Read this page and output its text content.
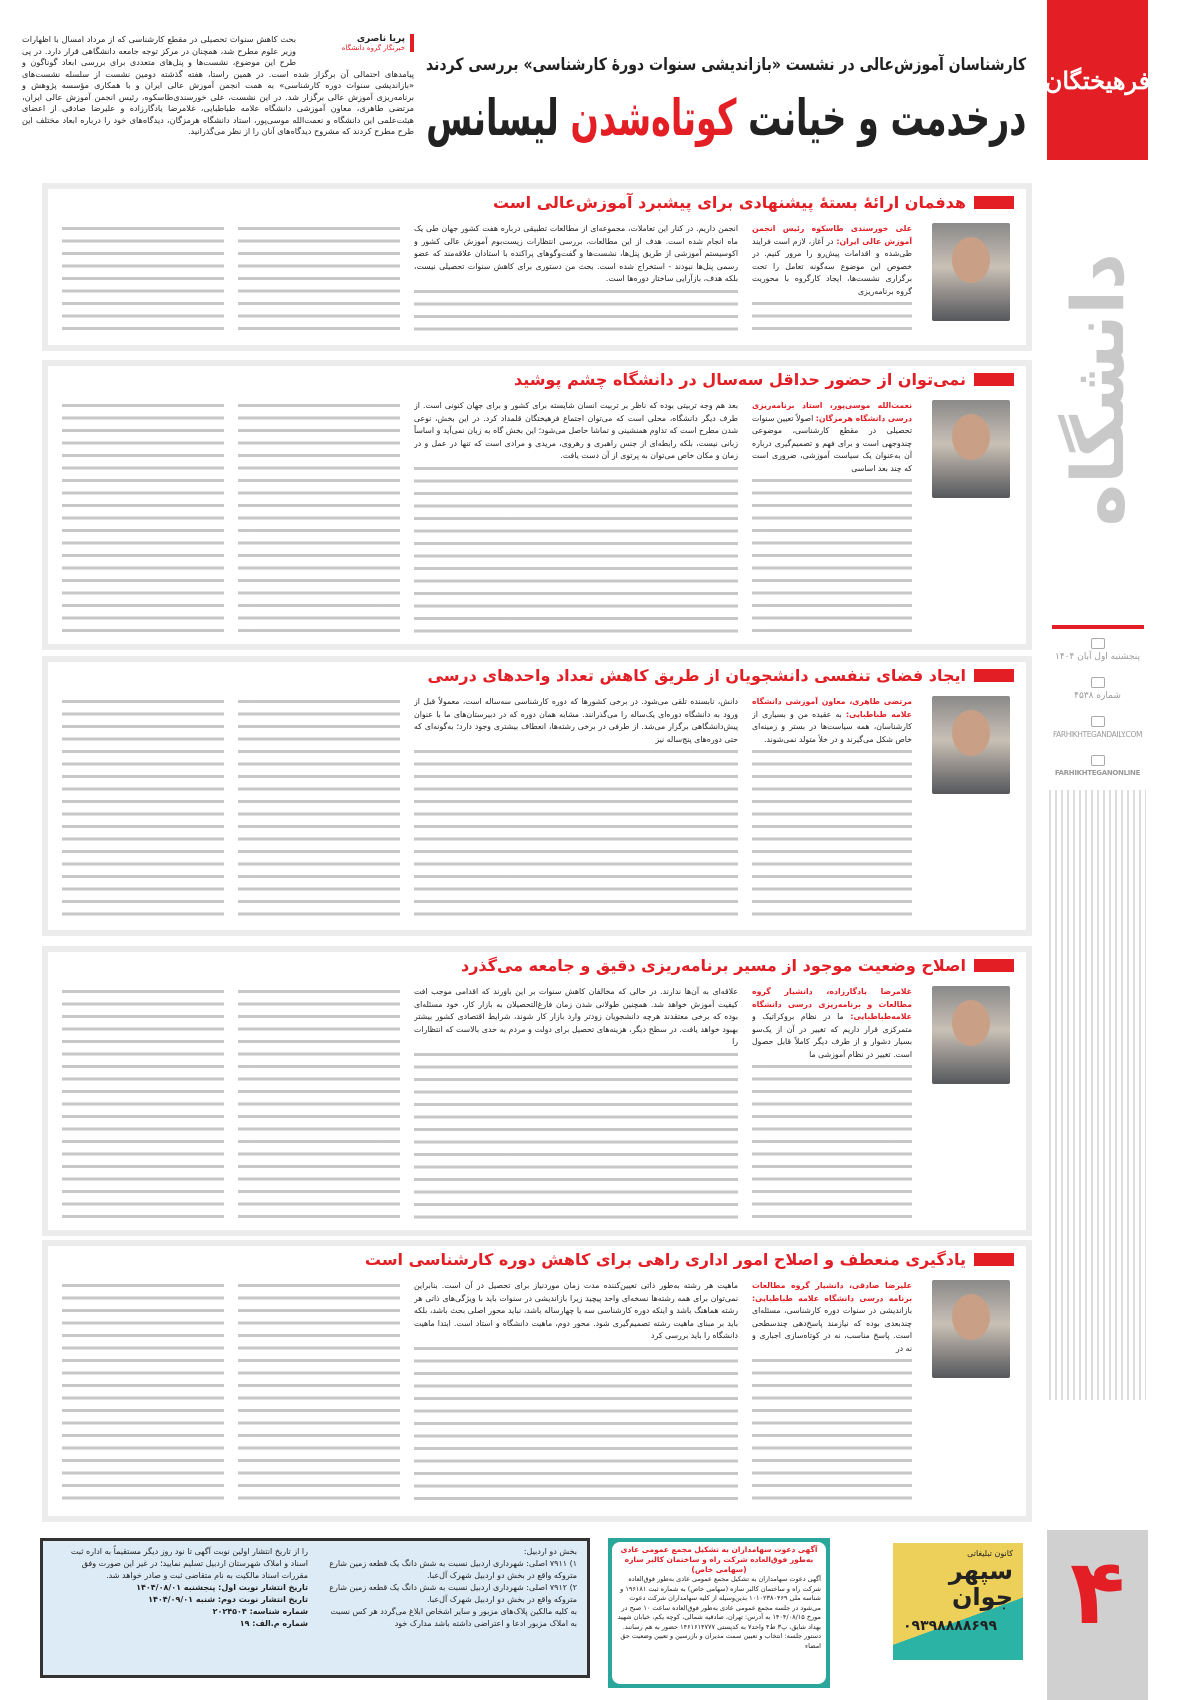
پریا ناصری
خبرنگار گروه دانشگاه

بحث کاهش سنوات تحصیلی در مقطع کارشناسی که از مرداد امسال با اظهارات وزیر علوم مطرح شد، همچنان در مرکز توجه جامعه دانشگاهی قرار دارد. در پی طرح این موضوع، نشست‌ها و پنل‌های متعددی برای بررسی ابعاد گوناگون و پیامدهای احتمالی آن برگزار شده است. در همین راستا، هفته گذشته دومین نشست از سلسله نشست‌های «بازاندیشی سنوات دوره کارشناسی» به همت انجمن آموزش عالی ایران و با همکاری مؤسسه پژوهش و برنامه‌ریزی آموزش عالی برگزار شد. در این نشست، علی خورسندی‌طاسکوه، رئیس انجمن آموزش عالی ایران، مرتضی طاهری، معاون آموزشی دانشگاه علامه طباطبایی، غلامرضا یادگارزاده و علیرضا صادقی از اعضای هیئت‌علمی این دانشگاه و نعمت‌الله موسی‌پور، استاد دانشگاه هرمزگان، دیدگاه‌های خود را درباره ابعاد مختلف این طرح مطرح کردند که مشروح دیدگاه‌های آنان را از نظر می‌گذرانید.

کارشناسان آموزش‌عالی در نشست «بازاندیشی سنوات دورۀ کارشناسی» بررسی کردند
درخدمت و خیانت کوتاه‌شدن لیسانس
فرهیختگان
دانشگاه
پنجشنبه اول آبان ۱۴۰۴
شماره ۴۵۳۸
FARHIKHTEGANDAILY.COM
FARHIKHTEGANONLINE
۴
هدفمان ارائۀ بستۀ پیشنهادی برای پیشبرد آموزش‌عالی است
علی خورسندی طاسکوه رئیس انجمن آموزش عالی ایران: در آغاز، لازم است فرایند طی‌شده و اقدامات پیش‌رو را مرور کنیم. در خصوص این موضوع سه‌گونه تعامل را تحت برگزاری نشست‌ها، ایجاد کارگروه با محوریت گروه برنامه‌ریزی
انجمن داریم. در کنار این تعاملات، مجموعه‌ای از مطالعات تطبیقی درباره هفت کشور جهان طی یک ماه انجام شده است. هدف از این مطالعات، بررسی انتظارات زیست‌بوم آموزش عالی کشور و اکوسیستم آموزشی از طریق پنل‌ها، نشست‌ها و گفت‌وگوهای پراکنده با استادان علاقه‌مند که عضو رسمی پنل‌ها نبودند - استخراج شده است. بحث من دستوری برای کاهش سنوات تحصیلی نیست، بلکه هدف، بازآرایی ساختار دوره‌ها است.
نمی‌توان از حضور حداقل سه‌سال در دانشگاه چشم پوشید
نعمت‌الله موسی‌پور، استاد برنامه‌ریزی درسی دانشگاه هرمزگان: اصولاً تعیین سنوات تحصیلی در مقطع کارشناسی، موضوعی چندوجهی است و برای فهم و تصمیم‌گیری درباره آن به‌عنوان یک سیاست آموزشی، ضروری است که چند بعد اساسی
بعد هم وجه تربیتی بوده که ناظر بر تربیت انسان شایسته برای کشور و برای جهان کنونی است. از طرف دیگر دانشگاه، محلی است که می‌توان اجتماع فرهیختگان قلمداد کرد. در این بخش، نوعی شدن مطرح است که تداوم همنشینی و تماشا حاصل می‌شود؛ این بخش گاه به زبان نمی‌آید و اساساً زبانی نیست، بلکه رابطه‌ای از جنس راهبری و رهروی، مریدی و مرادی است که تنها در عمل و در زمان و مکان خاص می‌توان به پرتوی از آن دست یافت.
ایجاد فضای تنفسی دانشجویان از طریق کاهش تعداد واحدهای درسی
مرتضی طاهری، معاون آموزشی دانشگاه علامه طباطبایی: به عقیده من و بسیاری از کارشناسان، همه سیاست‌ها در بستر و زمینه‌ای خاص شکل می‌گیرند و در خلأ متولد نمی‌شوند.
دانش، نابسنده تلقی می‌شود. در برخی کشورها که دوره کارشناسی سه‌ساله است، معمولاً قبل از ورود به دانشگاه دوره‌ای یک‌ساله را می‌گذرانند. مشابه همان دوره که در دبیرستان‌های ما با عنوان پیش‌دانشگاهی برگزار می‌شد. از طرفی در برخی رشته‌ها، انعطاف بیشتری وجود دارد؛ به‌گونه‌ای که حتی دوره‌های پنج‌ساله نیز
اصلاح وضعیت موجود از مسیر برنامه‌ریزی دقیق و جامعه می‌گذرد
غلامرضا یادگارزاده، دانشیار گروه مطالعات و برنامه‌ریزی درسی دانشگاه علامه‌طباطبایی: ما در نظام بروکراتیک و متمرکزی قرار داریم که تغییر در آن از یک‌سو بسیار دشوار و از طرف دیگر کاملاً قابل حصول است. تغییر در نظام آموزشی ما
علاقه‌ای به آن‌ها ندارند. در حالی که مخالفان کاهش سنوات بر این باورند که اقدامی موجب افت کیفیت آموزش خواهد شد. همچنین طولانی شدن زمان فارغ‌التحصیلان به بازار کار، خود مسئله‌ای بوده که برخی معتقدند هرچه دانشجویان زودتر وارد بازار کار شوند، شرایط اقتصادی کشور بیشتر بهبود خواهد یافت. در سطح دیگر، هزینه‌های تحصیل برای دولت و مردم به حدی بالاست که انتظارات را
یادگیری منعطف و اصلاح امور اداری راهی برای کاهش دوره کارشناسی است
علیرضا صادقی، دانشیار گروه مطالعات برنامه درسی دانشگاه علامه طباطبایی: بازاندیشی در سنوات دوره کارشناسی، مسئله‌ای چندبعدی بوده که نیازمند پاسخ‌دهی چندسطحی است. پاسخ مناسب، نه در کوتاه‌سازی اجباری و نه در
ماهیت هر رشته به‌طور ذاتی تعیین‌کننده مدت زمان موردنیاز برای تحصیل در آن است. بنابراین نمی‌توان برای همه رشته‌ها نسخه‌ای واحد پیچید زیرا بازاندیشی در سنوات باید با ویژگی‌های ذاتی هر رشته هماهنگ باشد و اینکه دوره کارشناسی سه یا چهارساله باشد، نباید محور اصلی بحث باشد، بلکه باید بر مبنای ماهیت رشته تصمیم‌گیری شود. محور دوم، ماهیت دانشگاه و استاد است. ابتدا ماهیت دانشگاه را باید بررسی کرد
بخش دو اردبیل:
۱) ۷۹۱۱ اصلی: شهرداری اردبیل نسبت به شش دانگ یک قطعه زمین شارع متروکه واقع در بخش دو اردبیل شهرک آل‌عبا.
۲) ۷۹۱۲ اصلی: شهرداری اردبیل نسبت به شش دانگ یک قطعه زمین شارع متروکه واقع در بخش دو اردبیل شهرک آل‌عبا.
به کلیه مالکین پلاک‌های مزبور و سایر اشخاص ابلاغ می‌گردد هر کس نسبت به املاک مزبور ادعا و اعتراضی داشته باشد مدارک خود
را از تاریخ انتشار اولین نوبت آگهی تا نود روز دیگر مستقیماً به اداره ثبت اسناد و املاک شهرستان اردبیل تسلیم نمایید؛ در غیر این صورت وفق مقررات اسناد مالکیت به نام متقاضی ثبت و صادر خواهد شد.
تاریخ انتشار نوبت اول: پنجشنبه ۱۴۰۴/۰۸/۰۱
تاریخ انتشار نوبت دوم: شنبه ۱۴۰۴/۰۹/۰۱
شماره شناسه: ۲۰۲۴۵۰۴
شماره م.الف: ۱۹
آگهی دعوت سهامداران به تشکیل مجمع عمومی عادی به‌طور فوق‌العاده شرکت راه و ساختمان کالبر سازه (سهامی خاص)
آگهی دعوت سهامداران به تشکیل مجمع عمومی عادی به‌طور فوق‌العاده شرکت راه و ساختمان کالبر سازه (سهامی خاص) به شماره ثبت ۱۹۶۱۸۱ و شناسه ملی ۱۰۱۰۲۳۸۰۴۶۹ بدین‌وسیله از کلیه سهامداران شرکت دعوت می‌شود در جلسه مجمع عمومی عادی به‌طور فوق‌العاده ساعت ۱۰ صبح در مورخ ۱۴۰۴/۰۸/۱۵ به آدرس: تهران، صادقیه شمالی، کوچه یکم، خیابان شهید بهداد شایق، پ۳ ط۴ واحد۷ به کدپستی ۱۴۶۱۶۱۴۷۷۷ حضور به هم رسانند. دستور جلسه: انتخاب و تعیین سمت مدیران و بازرسین و تعیین وضعیت حق امضاء
کانون تبلیغاتی
سپهر
جوان
۰۹۳۹۸۸۸۸۶۹۹
